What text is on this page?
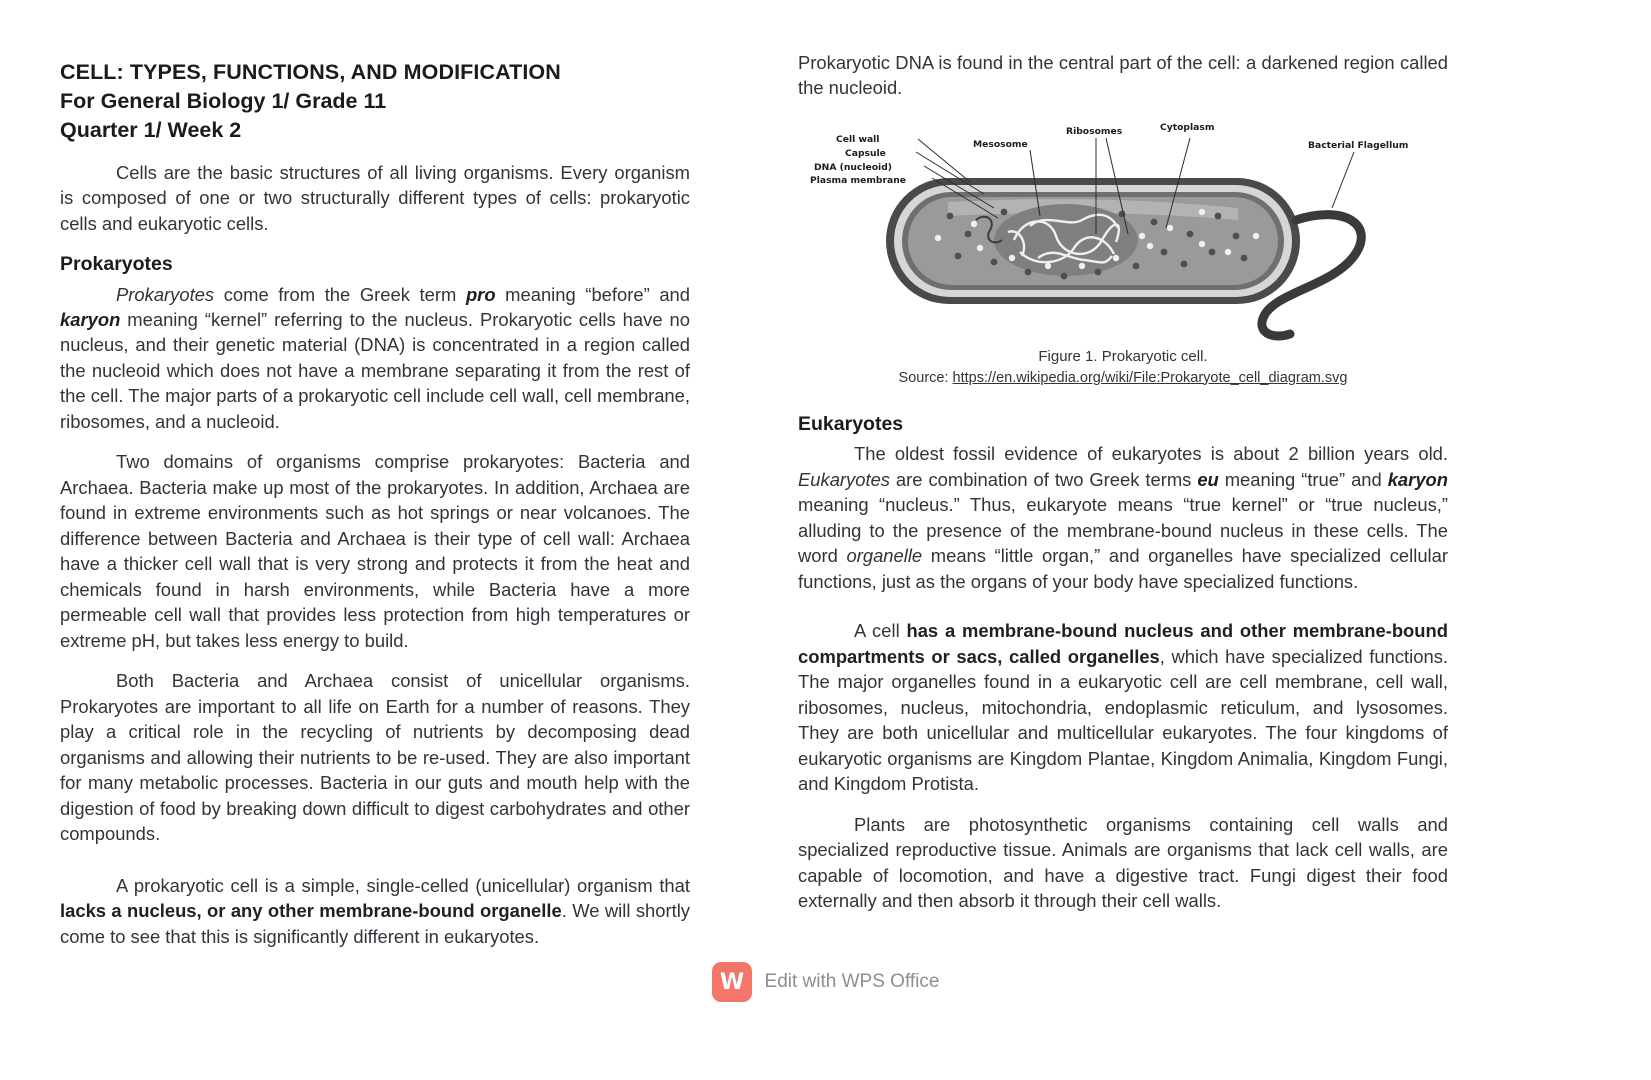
CELL: TYPES, FUNCTIONS, AND MODIFICATION
For General Biology 1/ Grade 11
Quarter 1/ Week 2

Cells are the basic structures of all living organisms. Every organism is composed of one or two structurally different types of cells: prokaryotic cells and eukaryotic cells.

Prokaryotes

Prokaryotes come from the Greek term pro meaning “before” and karyon meaning “kernel” referring to the nucleus. Prokaryotic cells have no nucleus, and their genetic material (DNA) is concentrated in a region called the nucleoid which does not have a membrane separating it from the rest of the cell. The major parts of a prokaryotic cell include cell wall, cell membrane, ribosomes, and a nucleoid.

Two domains of organisms comprise prokaryotes: Bacteria and Archaea. Bacteria make up most of the prokaryotes. In addition, Archaea are found in extreme environments such as hot springs or near volcanoes. The difference between Bacteria and Archaea is their type of cell wall: Archaea have a thicker cell wall that is very strong and protects it from the heat and chemicals found in harsh environments, while Bacteria have a more permeable cell wall that provides less protection from high temperatures or extreme pH, but takes less energy to build.

Both Bacteria and Archaea consist of unicellular organisms. Prokaryotes are important to all life on Earth for a number of reasons. They play a critical role in the recycling of nutrients by decomposing dead organisms and allowing their nutrients to be re-used. They are also important for many metabolic processes. Bacteria in our guts and mouth help with the digestion of food by breaking down difficult to digest carbohydrates and other compounds.

A prokaryotic cell is a simple, single-celled (unicellular) organism that lacks a nucleus, or any other membrane-bound organelle. We will shortly come to see that this is significantly different in eukaryotes.

Prokaryotic DNA is found in the central part of the cell: a darkened region called the nucleoid.

Cell wall
Capsule
DNA (nucleoid)
Plasma membrane
Mesosome
Ribosomes	Cytoplasm
Bacterial Flagellum
Figure 1. Prokaryotic cell.
Source: https://en.wikipedia.org/wiki/File:Prokaryote_cell_diagram.svg
Eukaryotes

The oldest fossil evidence of eukaryotes is about 2 billion years old. Eukaryotes are combination of two Greek terms eu meaning “true” and karyon meaning “nucleus.” Thus, eukaryote means “true kernel” or “true nucleus,” alluding to the presence of the membrane-bound nucleus in these cells. The word organelle means “little organ,” and organelles have specialized cellular functions, just as the organs of your body have specialized functions.

A cell has a membrane-bound nucleus and other membrane-bound compartments or sacs, called organelles, which have specialized functions. The major organelles found in a eukaryotic cell are cell membrane, cell wall, ribosomes, nucleus, mitochondria, endoplasmic reticulum, and lysosomes. They are both unicellular and multicellular eukaryotes. The four kingdoms of eukaryotic organisms are Kingdom Plantae, Kingdom Animalia, Kingdom Fungi, and Kingdom Protista.

Plants are photosynthetic organisms containing cell walls and specialized reproductive tissue. Animals are organisms that lack cell walls, are capable of locomotion, and have a digestive tract. Fungi digest their food externally and then absorb it through their cell walls.

W	Edit with WPS Office
